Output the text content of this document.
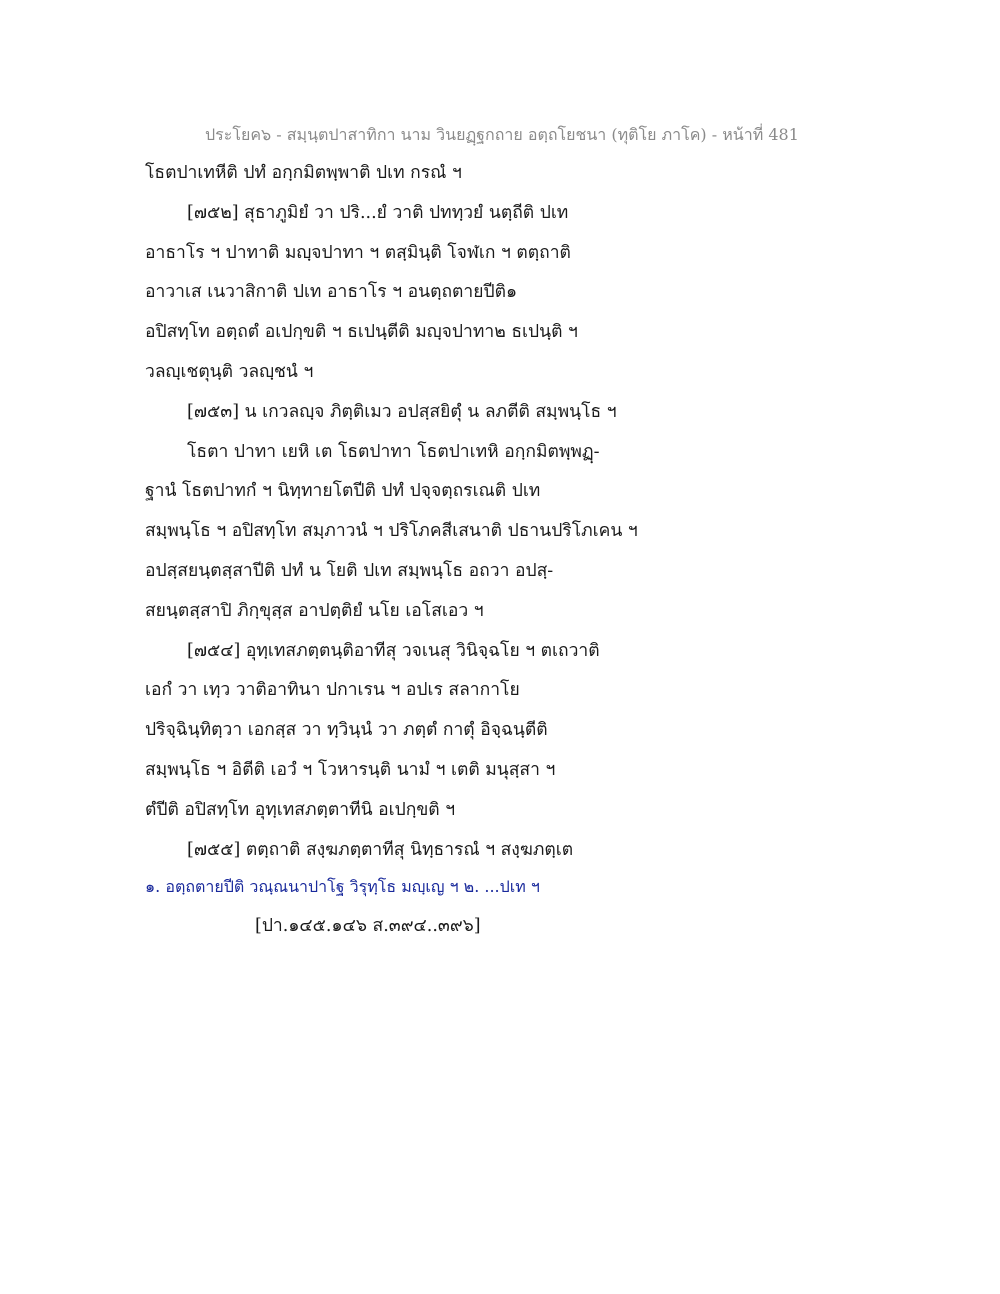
ประโยค๖ - สมฺนฺตปาสาทิกา นาม วินยฏฺฐกถาย อตฺถโยชนา (ทุติโย ภาโค) - หน้าที่ 481
โธตปาเทหีติ ปทํ อกฺกมิตพฺพาติ ปเท กรณํ ฯ
[๗๕๒] สุธาภูมิยํ วา ปริ...ยํ วาติ ปททฺวยํ นตฺถีติ ปเท
อาธาโร ฯ ปาทาติ มญฺจปาทา ฯ ตสฺมินฺติ โจฬเก ฯ ตตฺถาติ
อาวาเส เนวาสิกาติ ปเท อาธาโร ฯ อนตฺถตายปีติ๑
อปิสทฺโท อตฺถตํ อเปกฺขติ ฯ ธเปนฺตีติ มญฺจปาทา๒ ธเปนฺติ ฯ
วลญฺเชตุนฺติ วลญฺชนํ ฯ
[๗๕๓] น เกวลญฺจ ภิตฺติเมว อปสฺสยิตุํ น ลภตีติ สมฺพนฺโธ ฯ
โธตา ปาทา เยหิ เต โธตปาทา โธตปาเทหิ อกฺกมิตพฺพฏฺ-
ฐานํ โธตปาทกํ ฯ นิทฺทายโตปีติ ปทํ ปจฺจตฺถรเณติ ปเท
สมฺพนฺโธ ฯ อปิสทฺโท สมฺภาวนํ ฯ ปริโภคสีเสนาติ ปธานปริโภเคน ฯ
อปสฺสยนฺตสฺสาปีติ ปทํ น โยติ ปเท สมฺพนฺโธ อถวา อปสฺ-
สยนฺตสฺสาปิ ภิกฺขุสฺส อาปตฺติยํ นโย เอโสเอว ฯ
[๗๕๔] อุทฺเทสภตฺตนฺติอาทีสุ วจเนสุ วินิจฺฉโย ฯ ตเถวาติ
เอกํ วา เทฺว วาติอาทินา ปกาเรน ฯ อปเร สลากาโย
ปริจฺฉินฺทิตฺวา เอกสฺส วา ทฺวินฺนํ วา ภตฺตํ กาตุํ อิจฺฉนฺตีติ
สมฺพนฺโธ ฯ อิตีติ เอวํ ฯ โวหารนฺติ นามํ ฯ เตติ มนุสฺสา ฯ
ตํปีติ อปิสทฺโท อุทฺเทสภตฺตาทีนิ อเปกฺขติ ฯ
[๗๕๕] ตตฺถาติ สงฺฆภตฺตาทีสุ นิทฺธารณํ ฯ สงฺฆภตฺเต
๑. อตฺถตายปีติ วณฺณนาปาโฐ วิรุทฺโธ มญฺเญ ฯ ๒. ...ปเท ฯ
[ปา.๑๔๕.๑๔๖ ส.๓๙๔..๓๙๖]
